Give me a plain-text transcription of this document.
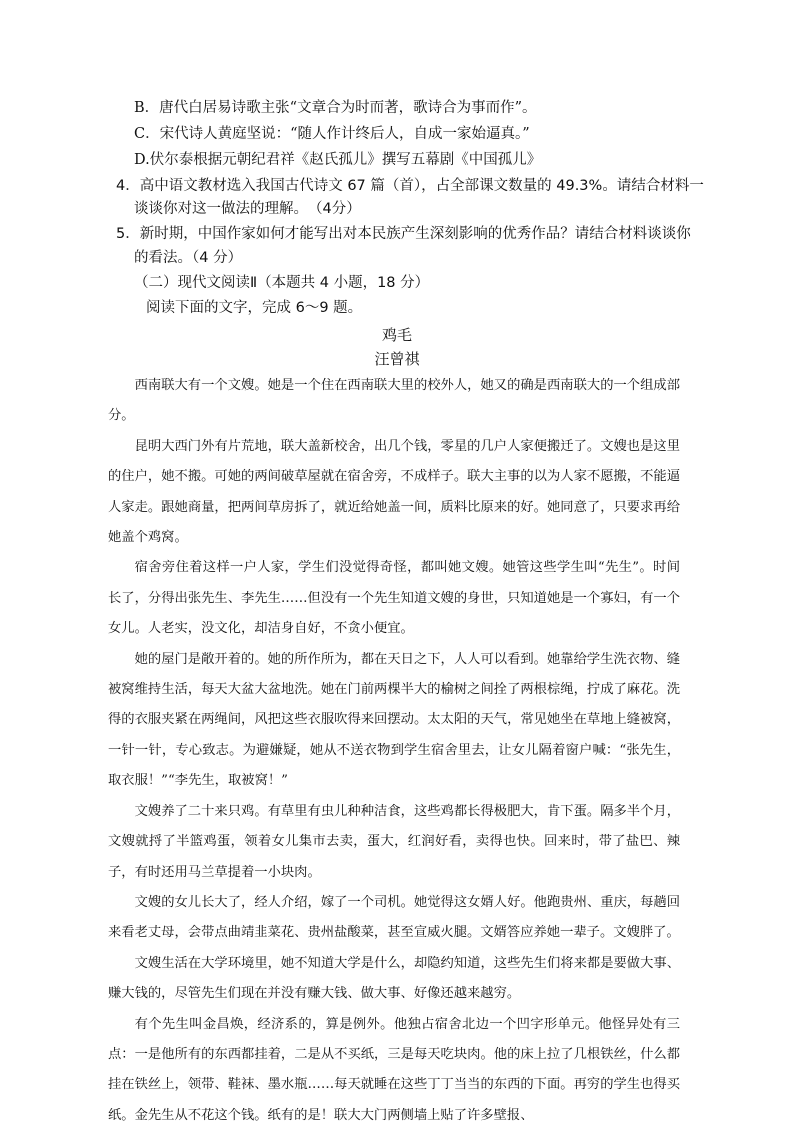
B．唐代白居易诗歌主张“文章合为时而著，歌诗合为事而作”。
C．宋代诗人黄庭坚说：“随人作计终后人，自成一家始逼真。”
D.伏尔泰根据元朝纪君祥《赵氏孤儿》撰写五幕剧《中国孤儿》
4．高中语文教材选入我国古代诗文 67 篇（首），占全部课文数量的 49.3%。请结合材料一
谈谈你对这一做法的理解。　（4分）
5．新时期，中国作家如何才能写出对本民族产生深刻影响的优秀作品？请结合材料谈谈你
的看法。（4 分）
（二）现代文阅读Ⅱ（本题共 4 小题，18 分）
阅读下面的文字，完成 6～9 题。
鸡毛
汪曾祺

西南联大有一个文嫂。她是一个住在西南联大里的校外人，她又的确是西南联大的一个组成部分。

昆明大西门外有片荒地，联大盖新校舍，出几个钱，零星的几户人家便搬迁了。文嫂也是这里的住户，她不搬。可她的两间破草屋就在宿舍旁，不成样子。联大主事的以为人家不愿搬，不能逼人家走。跟她商量，把两间草房拆了，就近给她盖一间，质料比原来的好。她同意了，只要求再给她盖个鸡窝。

宿舍旁住着这样一户人家，学生们没觉得奇怪，都叫她文嫂。她管这些学生叫“先生”。时间长了，分得出张先生、李先生……但没有一个先生知道文嫂的身世，只知道她是一个寡妇，有一个女儿。人老实，没文化，却洁身自好，不贪小便宜。

她的屋门是敞开着的。她的所作所为，都在天日之下，人人可以看到。她靠给学生洗衣物、缝被窝维持生活，每天大盆大盆地洗。她在门前两棵半大的榆树之间拴了两根棕绳，拧成了麻花。洗得的衣服夹紧在两绳间，风把这些衣服吹得来回摆动。太太阳的天气，常见她坐在草地上缝被窝，一针一针，专心致志。为避嫌疑，她从不送衣物到学生宿舍里去，让女儿隔着窗户喊：“张先生，取衣服！”“李先生，取被窝！”

文嫂养了二十来只鸡。有草里有虫儿种种洁食，这些鸡都长得极肥大，肯下蛋。隔多半个月，文嫂就捋了半篮鸡蛋，领着女儿集市去卖，蛋大，红润好看，卖得也快。回来时，带了盐巴、辣子，有时还用马兰草提着一小块肉。

文嫂的女儿长大了，经人介绍，嫁了一个司机。她觉得这女婿人好。他跑贵州、重庆，每趟回来看老丈母，会带点曲靖韭菜花、贵州盐酸菜，甚至宣威火腿。文婿答应养她一辈子。文嫂胖了。

文嫂生活在大学环境里，她不知道大学是什么，却隐约知道，这些先生们将来都是要做大事、赚大钱的，尽管先生们现在并没有赚大钱、做大事、好像还越来越穷。

有个先生叫金昌焕，经济系的，算是例外。他独占宿舍北边一个凹字形单元。他怪异处有三点：一是他所有的东西都挂着，二是从不买纸，三是每天吃块肉。他的床上拉了几根铁丝，什么都挂在铁丝上，领带、鞋袜、墨水瓶……每天就睡在这些丁丁当当的东西的下面。再穷的学生也得买纸。金先生从不花这个钱。纸有的是！联大大门两侧墙上贴了许多壁报、
